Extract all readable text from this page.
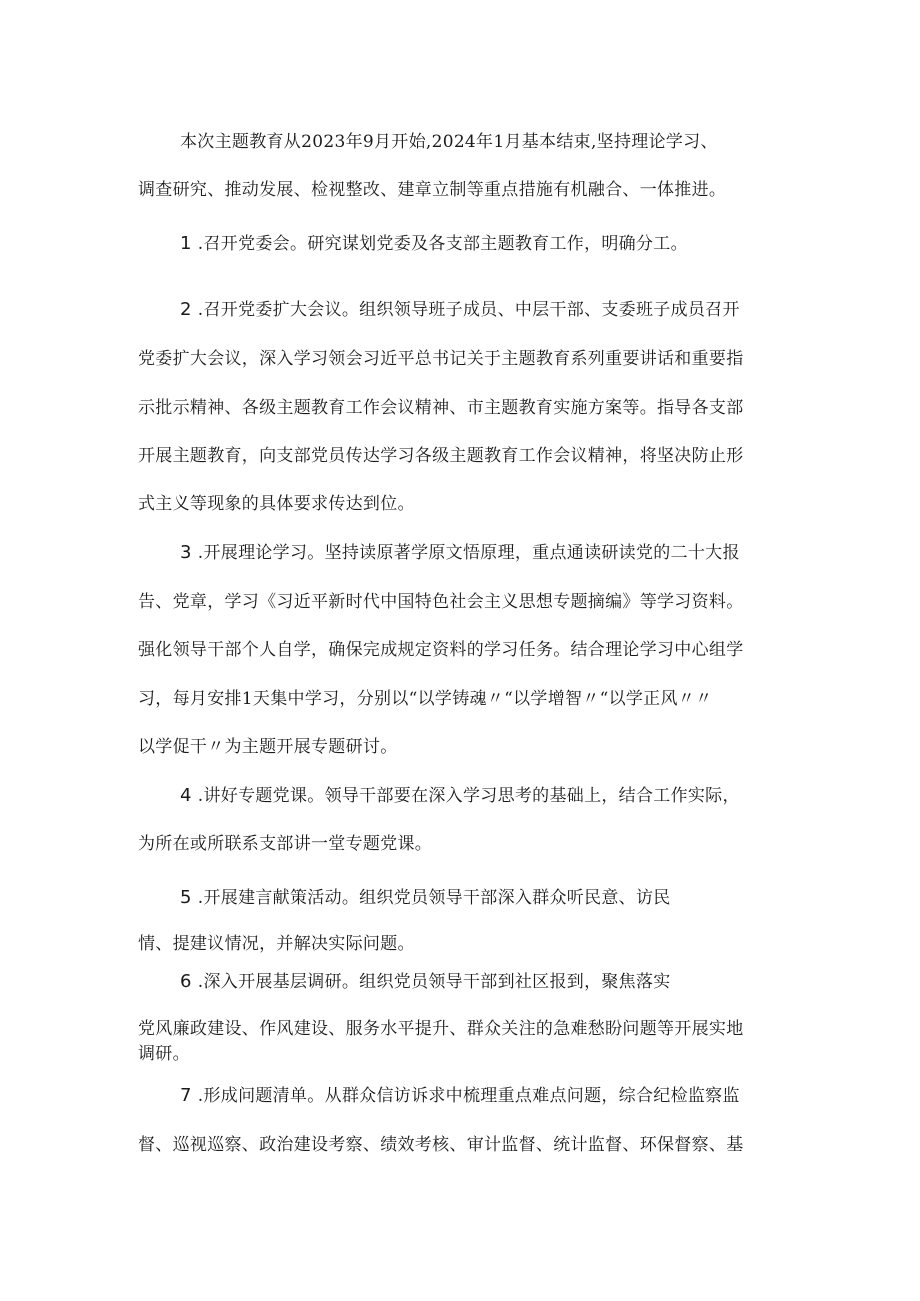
本次主题教育从2023年9月开始,2024年1月基本结束,坚持理论学习、
调查研究、推动发展、检视整改、建章立制等重点措施有机融合、一体推进。
1 .召开党委会。研究谋划党委及各支部主题教育工作，明确分工。
2 .召开党委扩大会议。组织领导班子成员、中层干部、支委班子成员召开
党委扩大会议，深入学习领会习近平总书记关于主题教育系列重要讲话和重要指
示批示精神、各级主题教育工作会议精神、市主题教育实施方案等。指导各支部
开展主题教育，向支部党员传达学习各级主题教育工作会议精神，将坚决防止形
式主义等现象的具体要求传达到位。
3 .开展理论学习。坚持读原著学原文悟原理，重点通读研读党的二十大报
告、党章，学习《习近平新时代中国特色社会主义思想专题摘编》等学习资料。
强化领导干部个人自学，确保完成规定资料的学习任务。结合理论学习中心组学
习，每月安排1天集中学习，分别以“以学铸魂〃“以学增智〃“以学正风〃〃
以学促干〃为主题开展专题研讨。
4 .讲好专题党课。领导干部要在深入学习思考的基础上，结合工作实际，
为所在或所联系支部讲一堂专题党课。
5 .开展建言献策活动。组织党员领导干部深入群众听民意、访民
情、提建议情况，并解决实际问题。
6 .深入开展基层调研。组织党员领导干部到社区报到，聚焦落实
党风廉政建设、作风建设、服务水平提升、群众关注的急难愁盼问题等开展实地
调研。
7 .形成问题清单。从群众信访诉求中梳理重点难点问题，综合纪检监察监
督、巡视巡察、政治建设考察、绩效考核、审计监督、统计监督、环保督察、基
